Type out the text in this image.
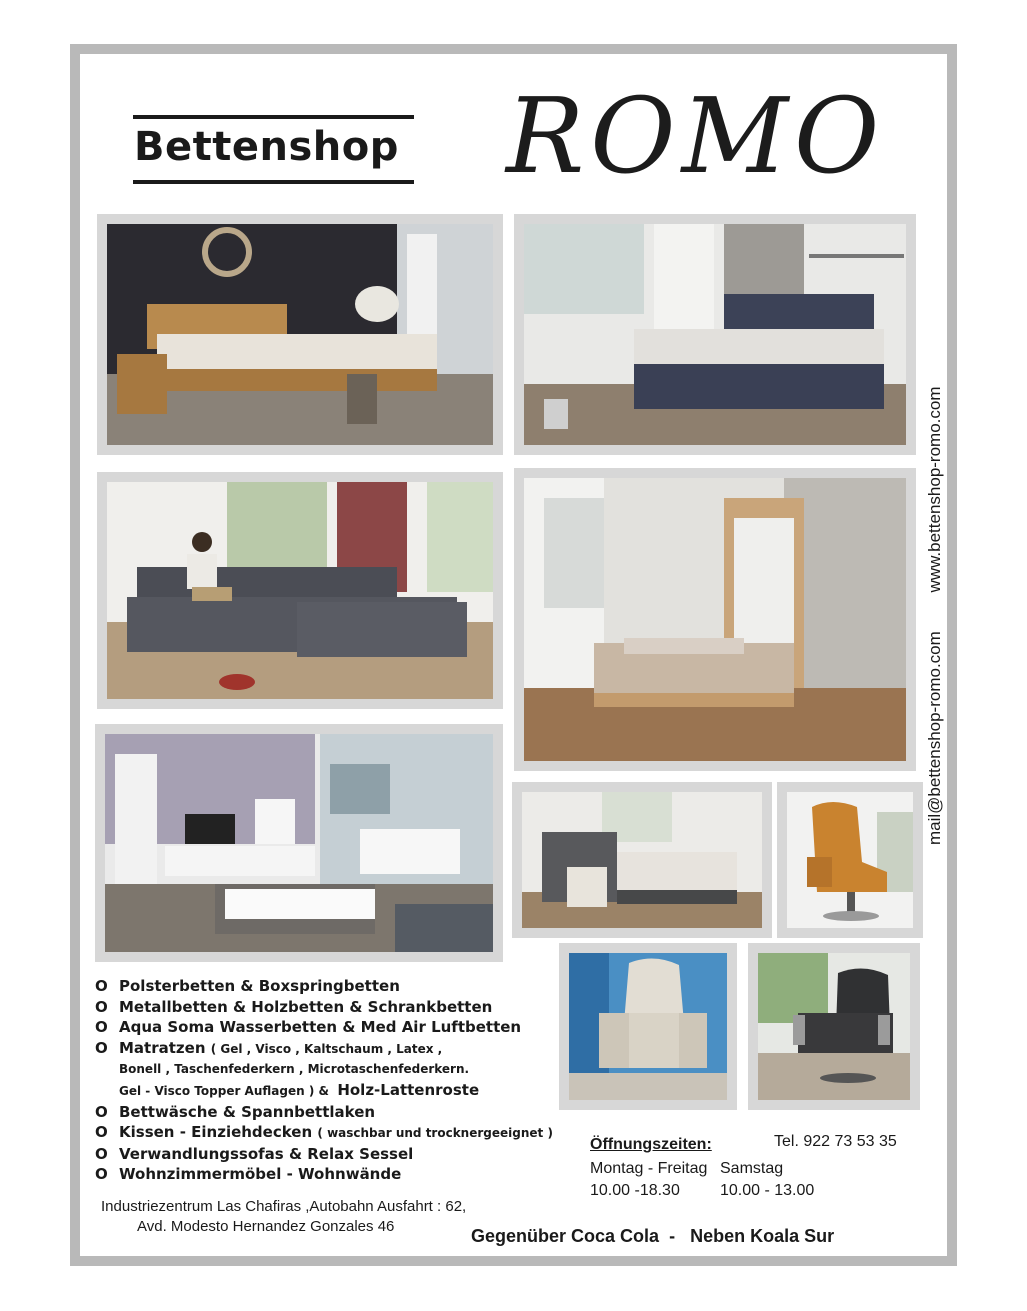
Bettenshop ROMO
mail@bettenshop-romo.com www.bettenshop-romo.com
O Polsterbetten & Boxspringbetten
O Metallbetten & Holzbetten & Schrankbetten
O Aqua Soma Wasserbetten & Med Air Luftbetten
O Matratzen ( Gel , Visco , Kaltschaum , Latex ,
Bonell , Taschenfederkern , Microtaschenfederkern.
Gel - Visco Topper Auflagen ) & Holz-Lattenroste
O Bettwäsche & Spannbettlaken
O Kissen - Einziehdecken ( waschbar und trocknergeeignet )
O Verwandlungssofas & Relax Sessel
O Wohnzimmermöbel - Wohnwände
Öffnungszeiten:	Tel. 922 73 53 35
Montag - Freitag
10.00 -18.30
Samstag
10.00 - 13.00
Industriezentrum Las Chafiras ,Autobahn Ausfahrt : 62,
Avd. Modesto Hernandez Gonzales 46	Gegenüber Coca Cola - Neben Koala Sur
